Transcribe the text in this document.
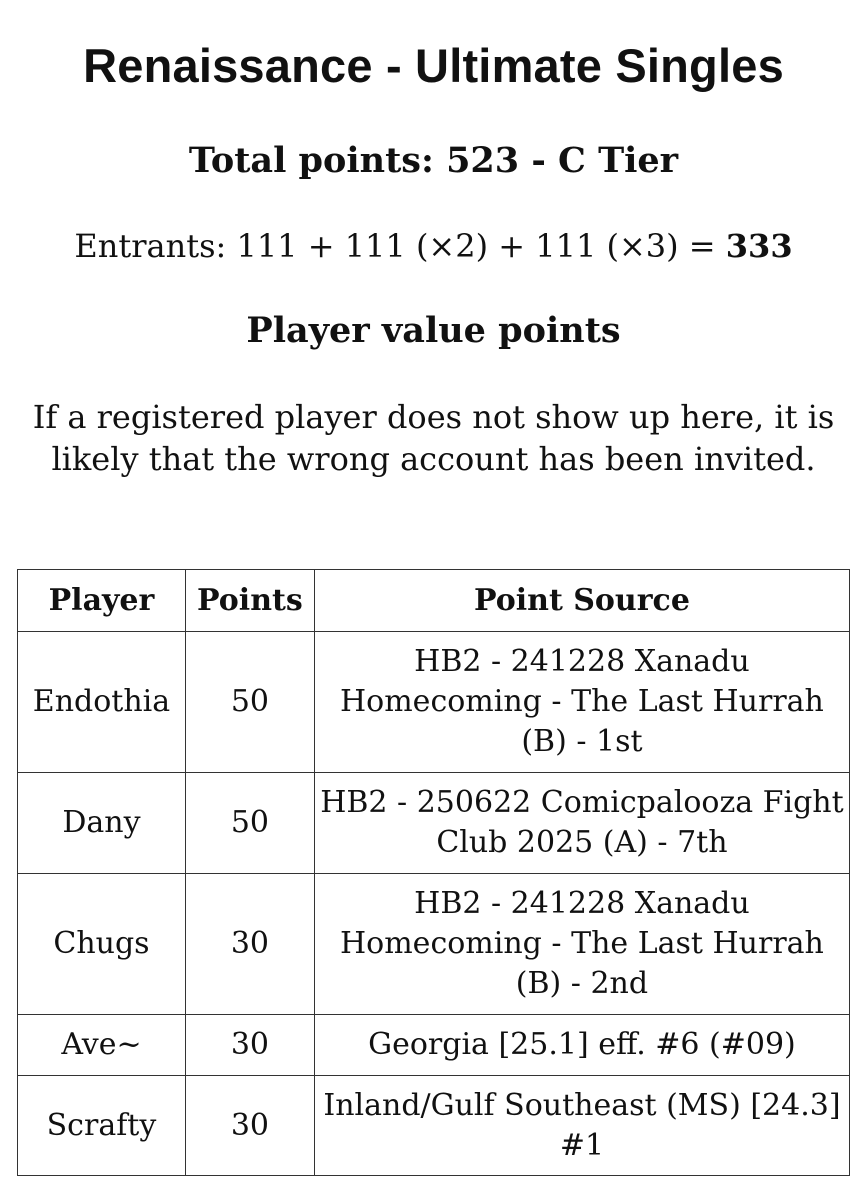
Renaissance - Ultimate Singles
Total points: 523 - C Tier

Entrants: 111 + 111 (×2) + 111 (×3) = 333

Player value points

If a registered player does not show up here, it is likely that the wrong account has been invited.

Player	Points	Point Source
Endothia	50	HB2 - 241228 Xanadu Homecoming - The Last Hurrah (B) - 1st
Dany	50	HB2 - 250622 Comicpalooza Fight Club 2025 (A) - 7th
Chugs	30	HB2 - 241228 Xanadu Homecoming - The Last Hurrah (B) - 2nd
Ave~	30	Georgia [25.1] eff. #6 (#09)
Scrafty	30	Inland/Gulf Southeast (MS) [24.3] #1
